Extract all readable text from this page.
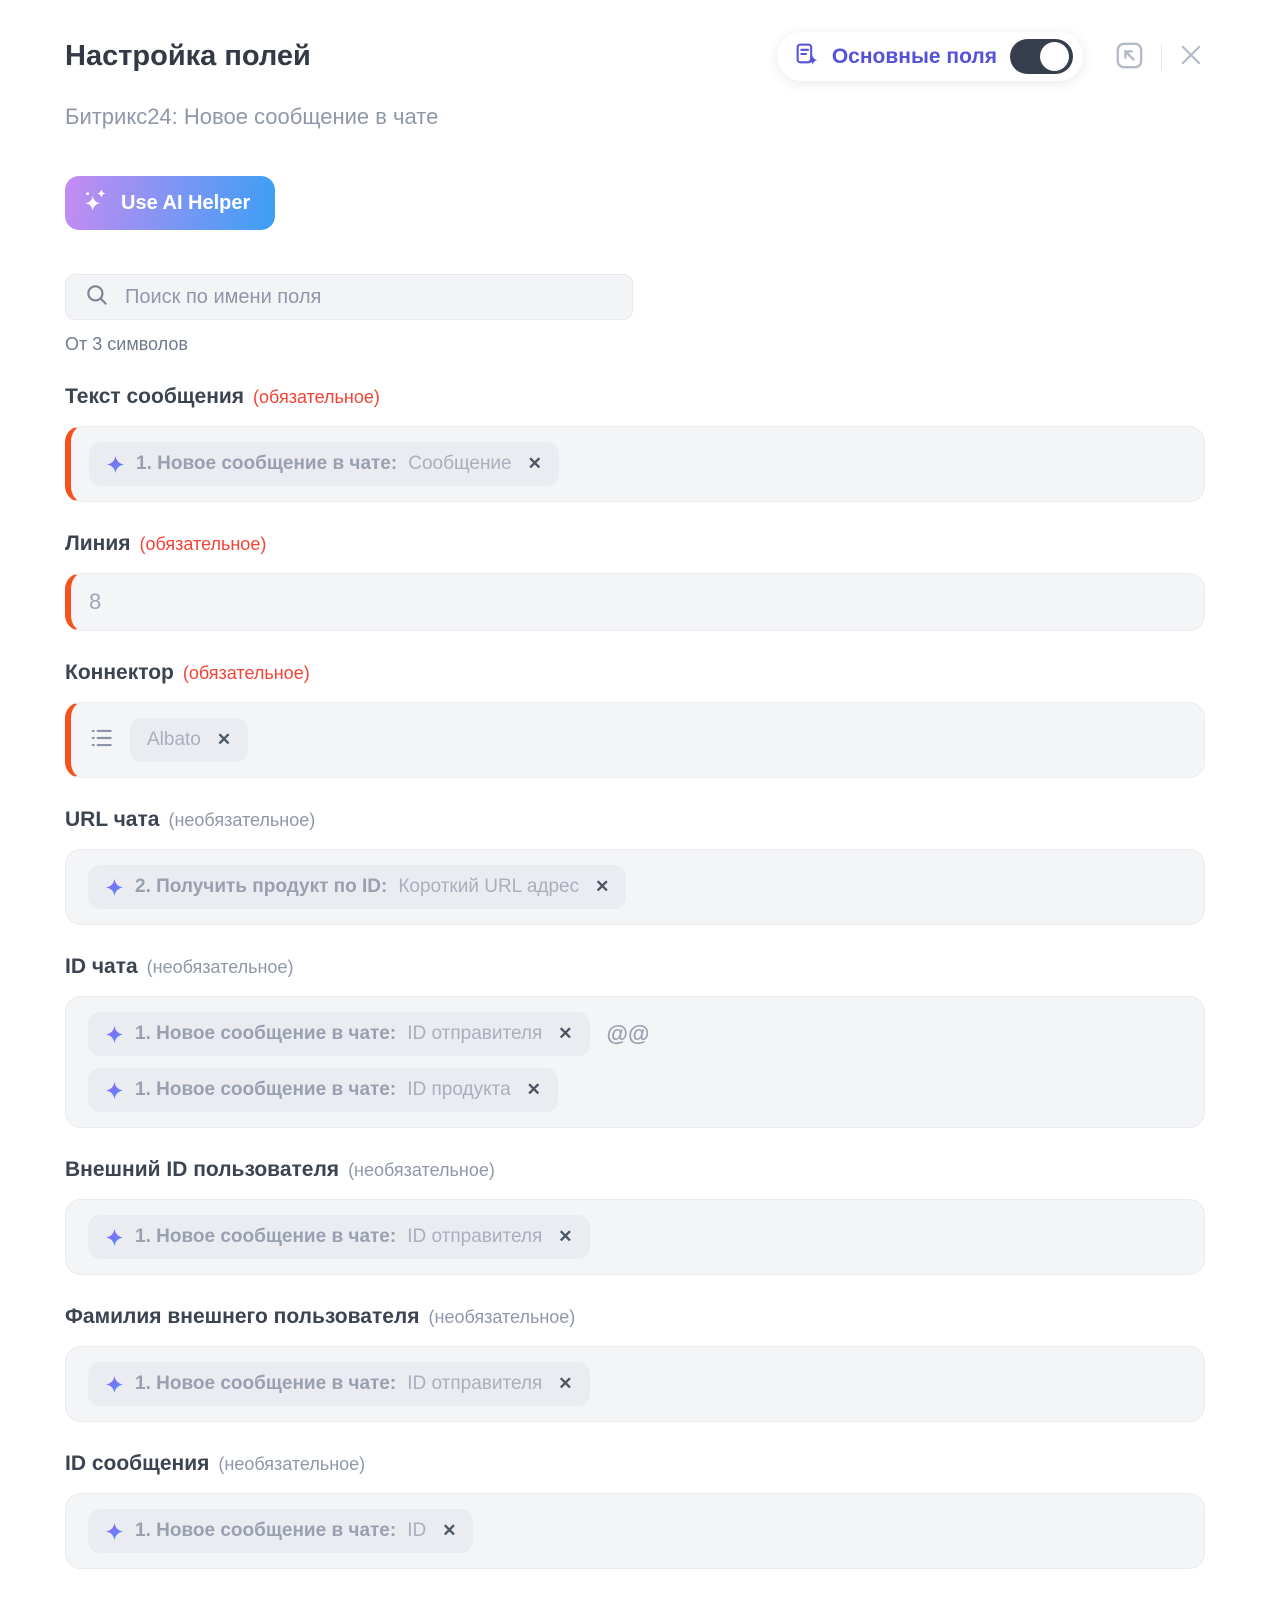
Настройка полей	Основные поля
Битрикс24: Новое сообщение в чате
Use AI Helper
Поиск по имени поля
От 3 символов
Текст сообщения (обязательное)
1. Новое сообщение в чате: Сообщение ✕
Линия (обязательное)
8
Коннектор (обязательное)
Albato ✕
URL чата (необязательное)
2. Получить продукт по ID: Короткий URL адрес ✕
ID чата (необязательное)
1. Новое сообщение в чате: ID отправителя ✕ @@
1. Новое сообщение в чате: ID продукта ✕
Внешний ID пользователя (необязательное)
1. Новое сообщение в чате: ID отправителя ✕
Фамилия внешнего пользователя (необязательное)
1. Новое сообщение в чате: ID отправителя ✕
ID сообщения (необязательное)
1. Новое сообщение в чате: ID ✕
